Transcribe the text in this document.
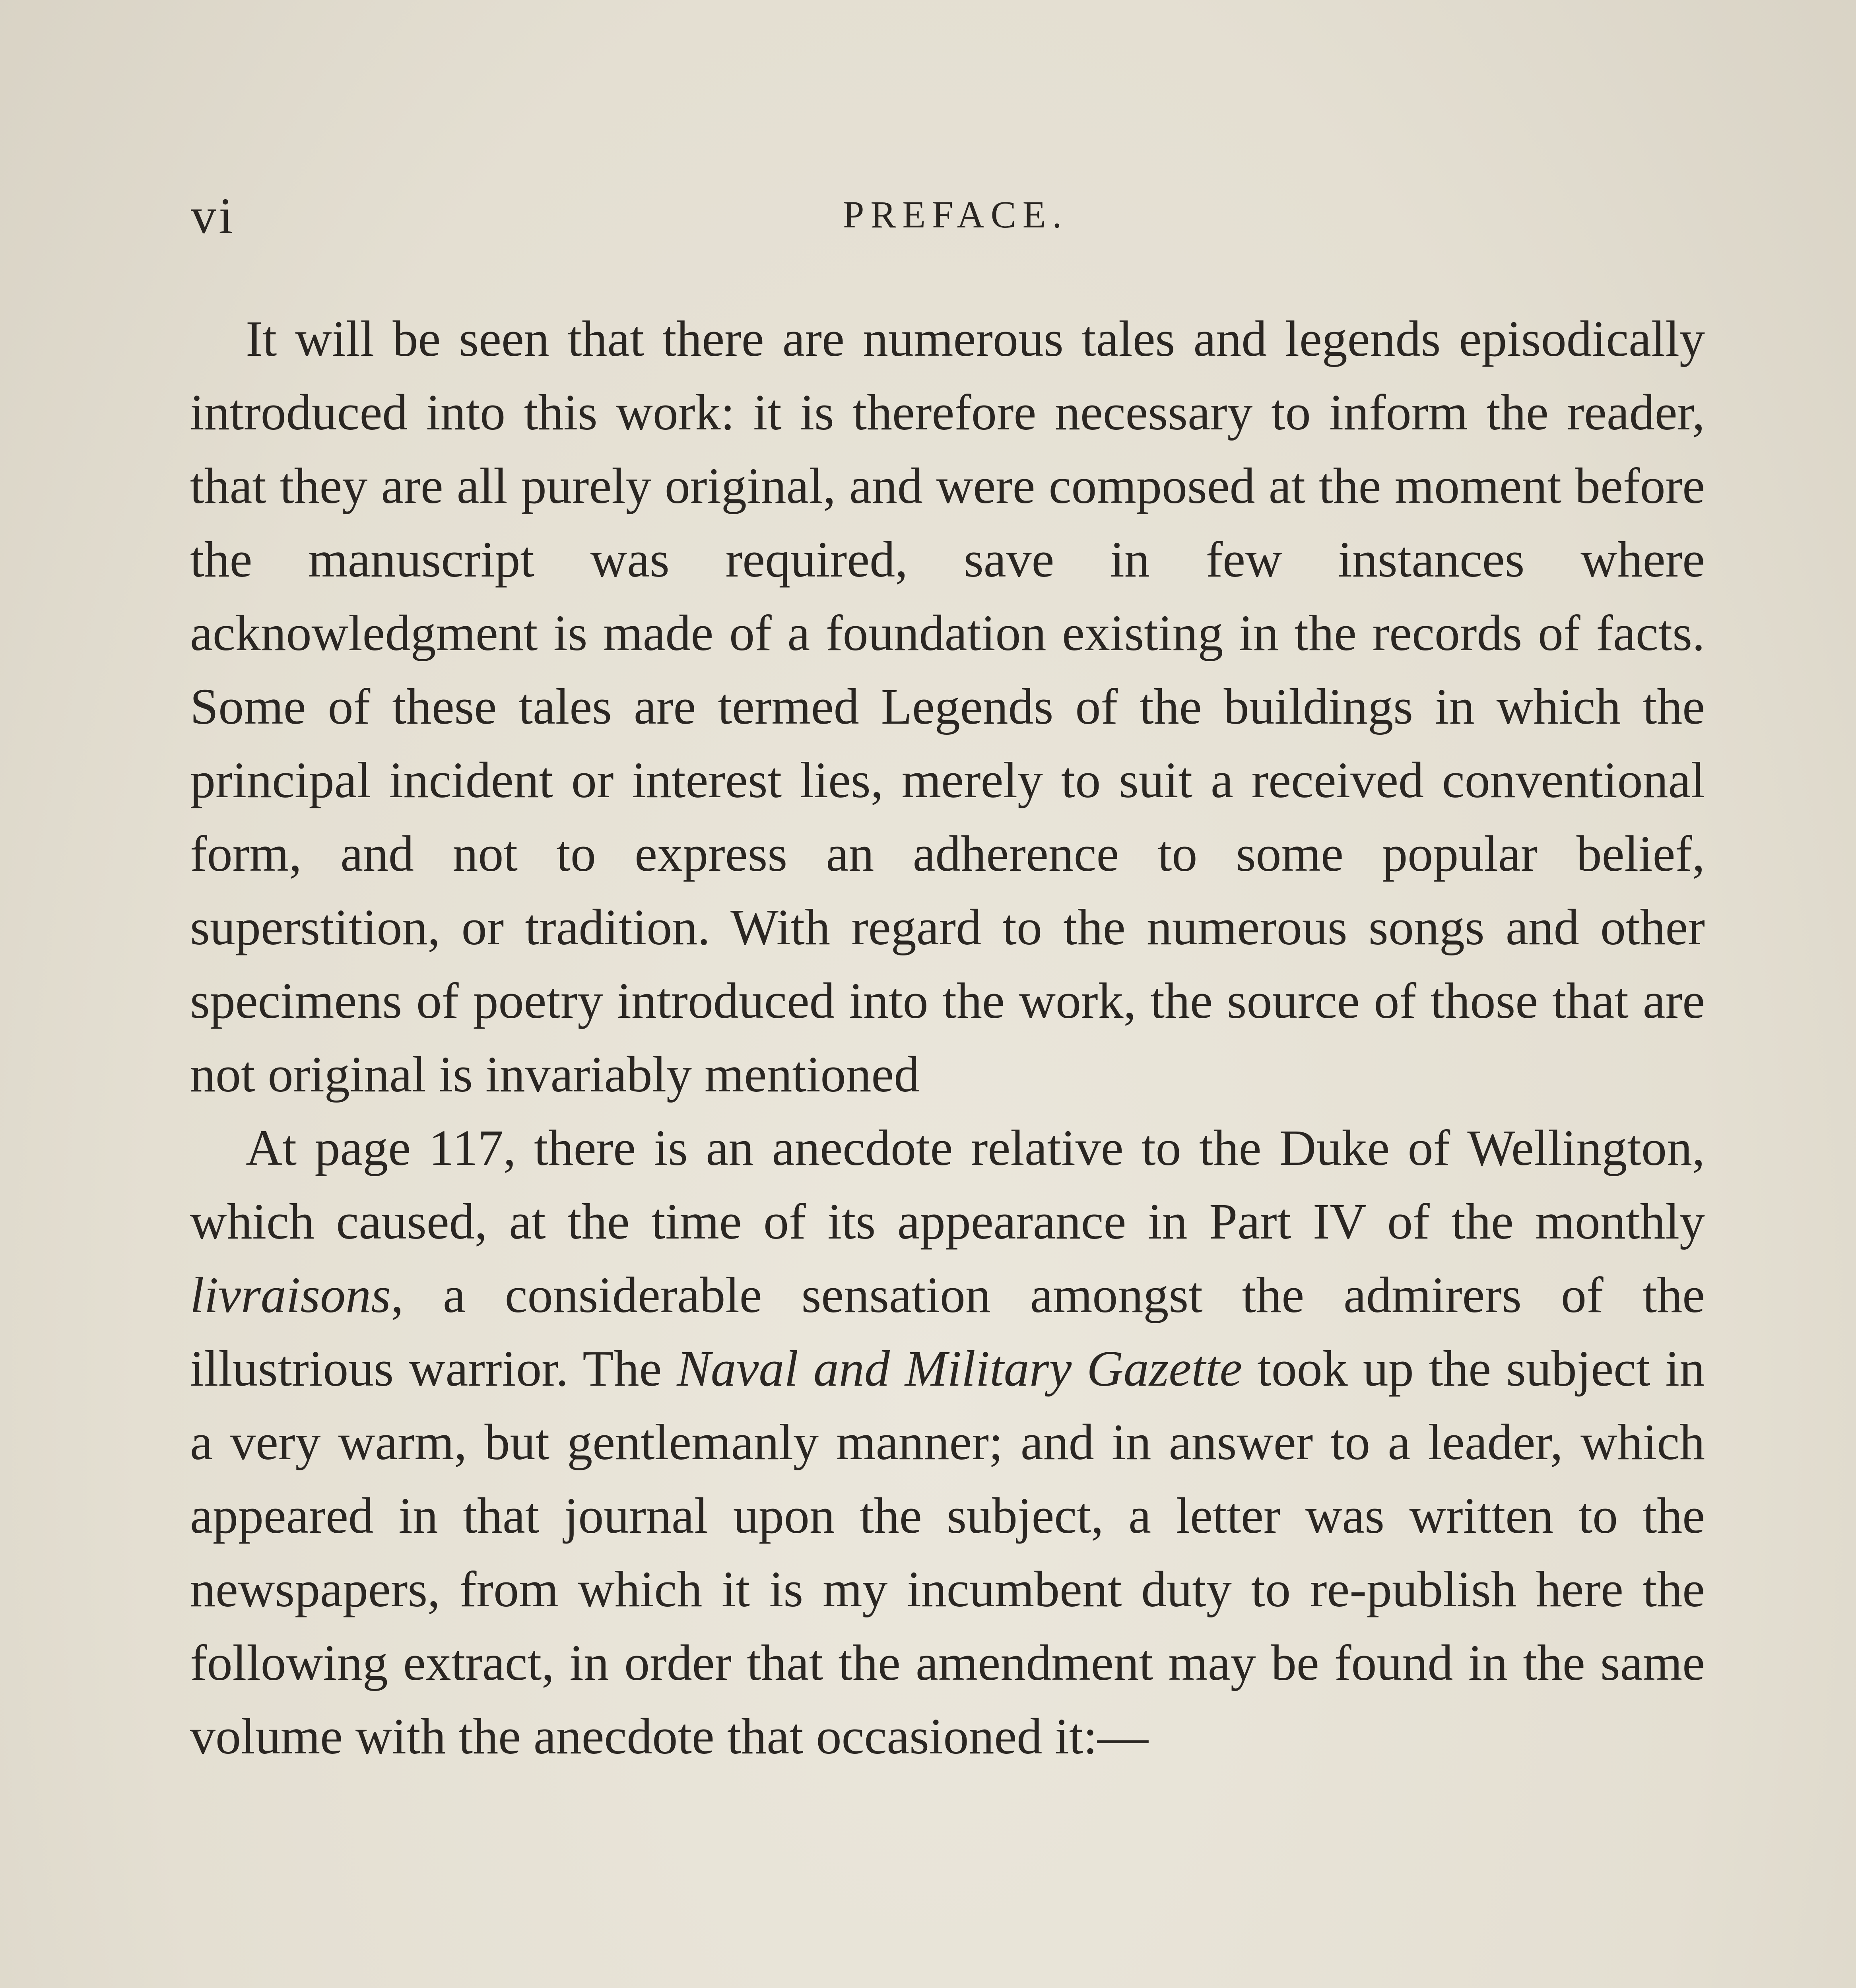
vi	PREFACE.

It will be seen that there are numerous tales and legends episodically introduced into this work: it is therefore necessary to inform the reader, that they are all purely original, and were composed at the moment before the manuscript was required, save in few instances where acknowledgment is made of a foundation existing in the records of facts. Some of these tales are termed Legends of the buildings in which the principal incident or interest lies, merely to suit a received conventional form, and not to express an adherence to some popular belief, superstition, or tradition. With regard to the numerous songs and other specimens of poetry introduced into the work, the source of those that are not original is invariably mentioned

At page 117, there is an anecdote relative to the Duke of Wellington, which caused, at the time of its appearance in Part IV of the monthly livraisons, a considerable sensation amongst the admirers of the illustrious warrior. The Naval and Military Gazette took up the subject in a very warm, but gentlemanly manner; and in answer to a leader, which appeared in that journal upon the subject, a letter was written to the newspapers, from which it is my incumbent duty to re-publish here the following extract, in order that the amendment may be found in the same volume with the anecdote that occasioned it:—
